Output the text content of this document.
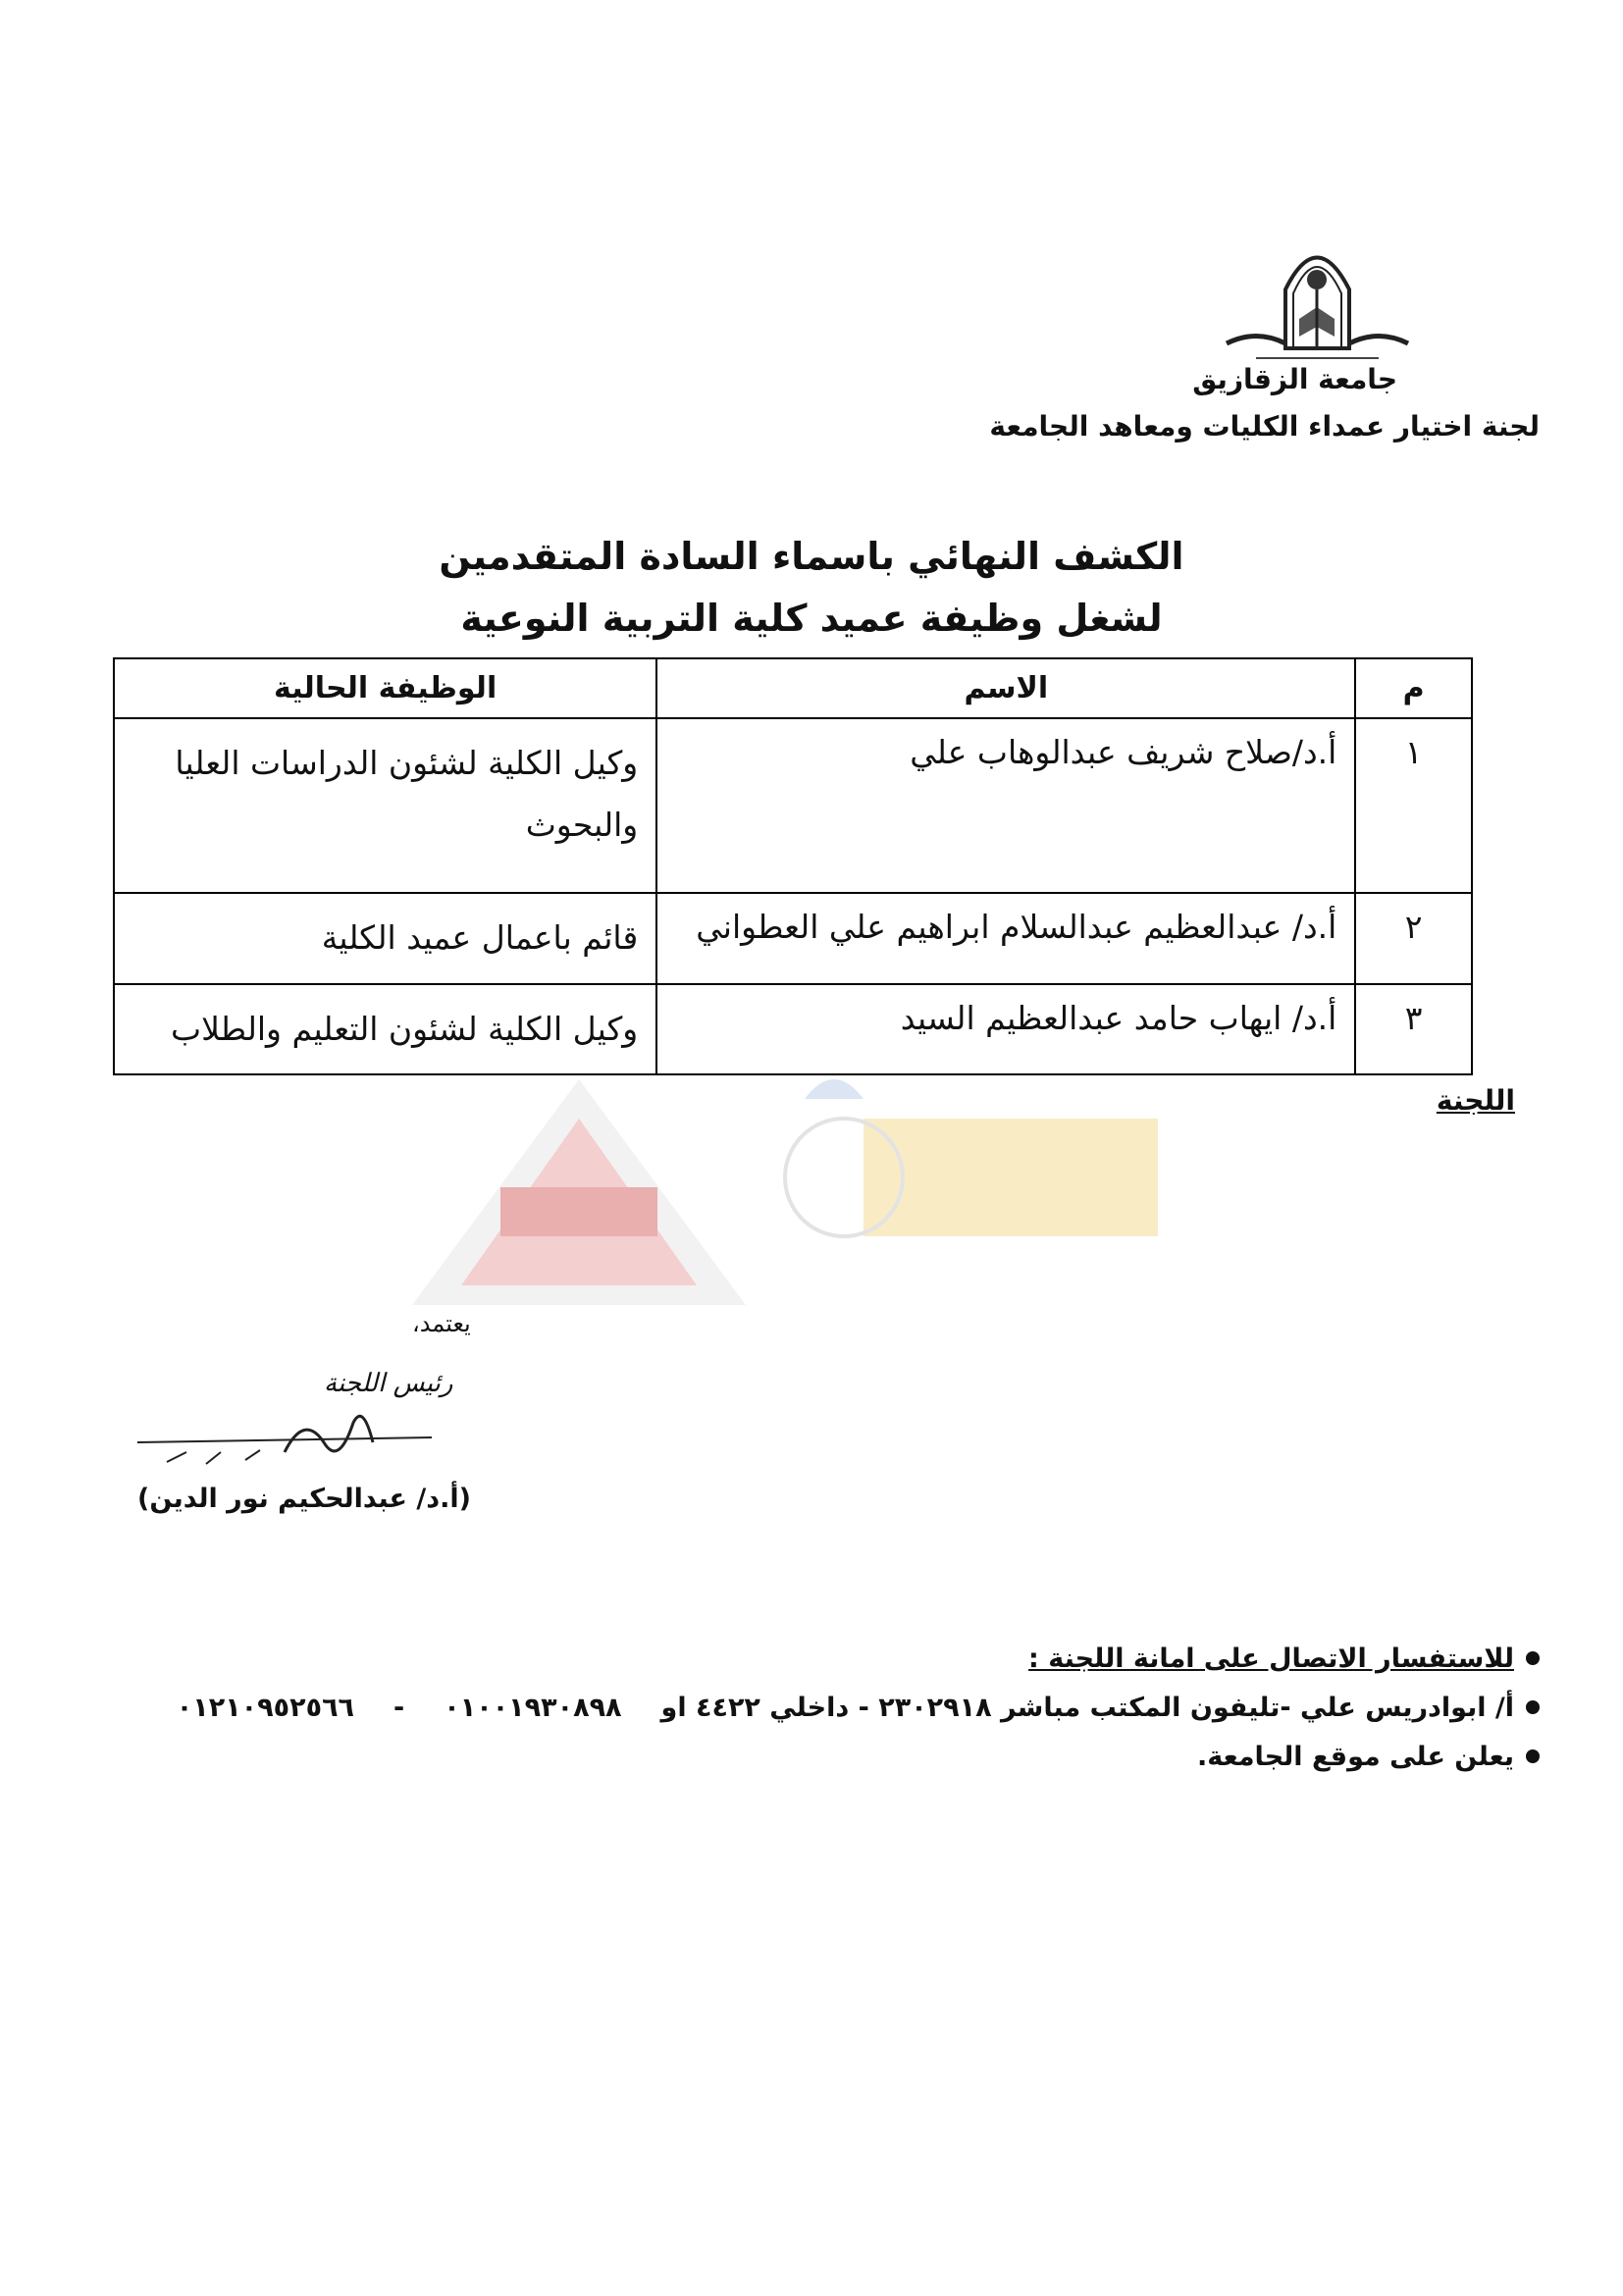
جامعة الزقازيق
لجنة اختيار عمداء الكليات ومعاهد الجامعة
الكشف النهائي باسماء السادة المتقدمين
لشغل وظيفة عميد كلية التربية النوعية
م	الاسم	الوظيفة الحالية
١	أ.د/صلاح شريف عبدالوهاب علي	وكيل الكلية لشئون الدراسات العليا والبحوث
٢	أ.د/ عبدالعظيم عبدالسلام ابراهيم علي العطواني	قائم باعمال عميد الكلية
٣	أ.د/ ايهاب حامد عبدالعظيم السيد	وكيل الكلية لشئون التعليم والطلاب
اللجنة
يعتمد،
رئيس اللجنة
(أ.د/ عبدالحكيم نور الدين)
للاستفسار الاتصال على امانة اللجنة :
أ/ ابوادريس علي -تليفون المكتب مباشر ٢٣٠٢٩١٨ - داخلي ٤٤٢٢ او
٠١٠٠١٩٣٠٨٩٨
-
٠١٢١٠٩٥٢٥٦٦
يعلن على موقع الجامعة.
